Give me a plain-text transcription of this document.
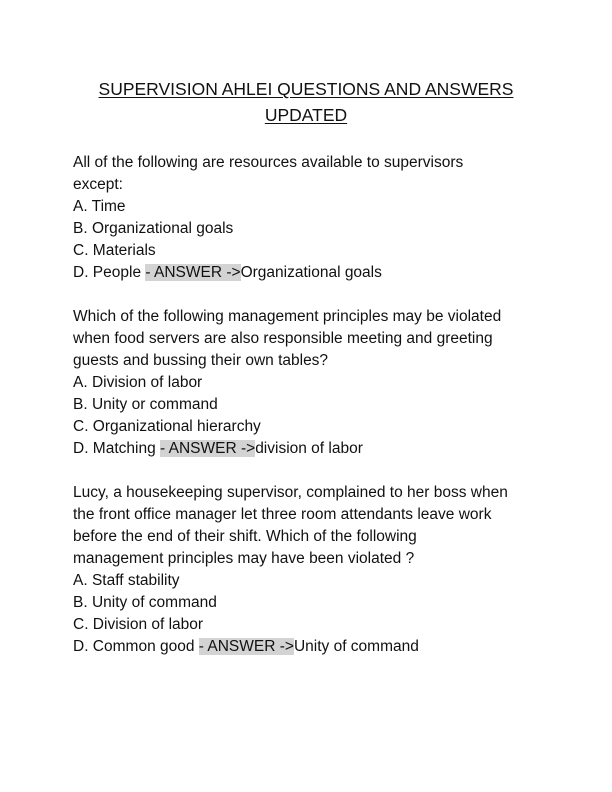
SUPERVISION AHLEI QUESTIONS AND ANSWERS
UPDATED
All of the following are resources available to supervisors
except:
A. Time
B. Organizational goals
C. Materials
D. People - ANSWER ->Organizational goals
Which of the following management principles may be violated
when food servers are also responsible meeting and greeting
guests and bussing their own tables?
A. Division of labor
B. Unity or command
C. Organizational hierarchy
D. Matching - ANSWER ->division of labor
Lucy, a housekeeping supervisor, complained to her boss when
the front office manager let three room attendants leave work
before the end of their shift. Which of the following
management principles may have been violated ?
A. Staff stability
B. Unity of command
C. Division of labor
D. Common good - ANSWER ->Unity of command
